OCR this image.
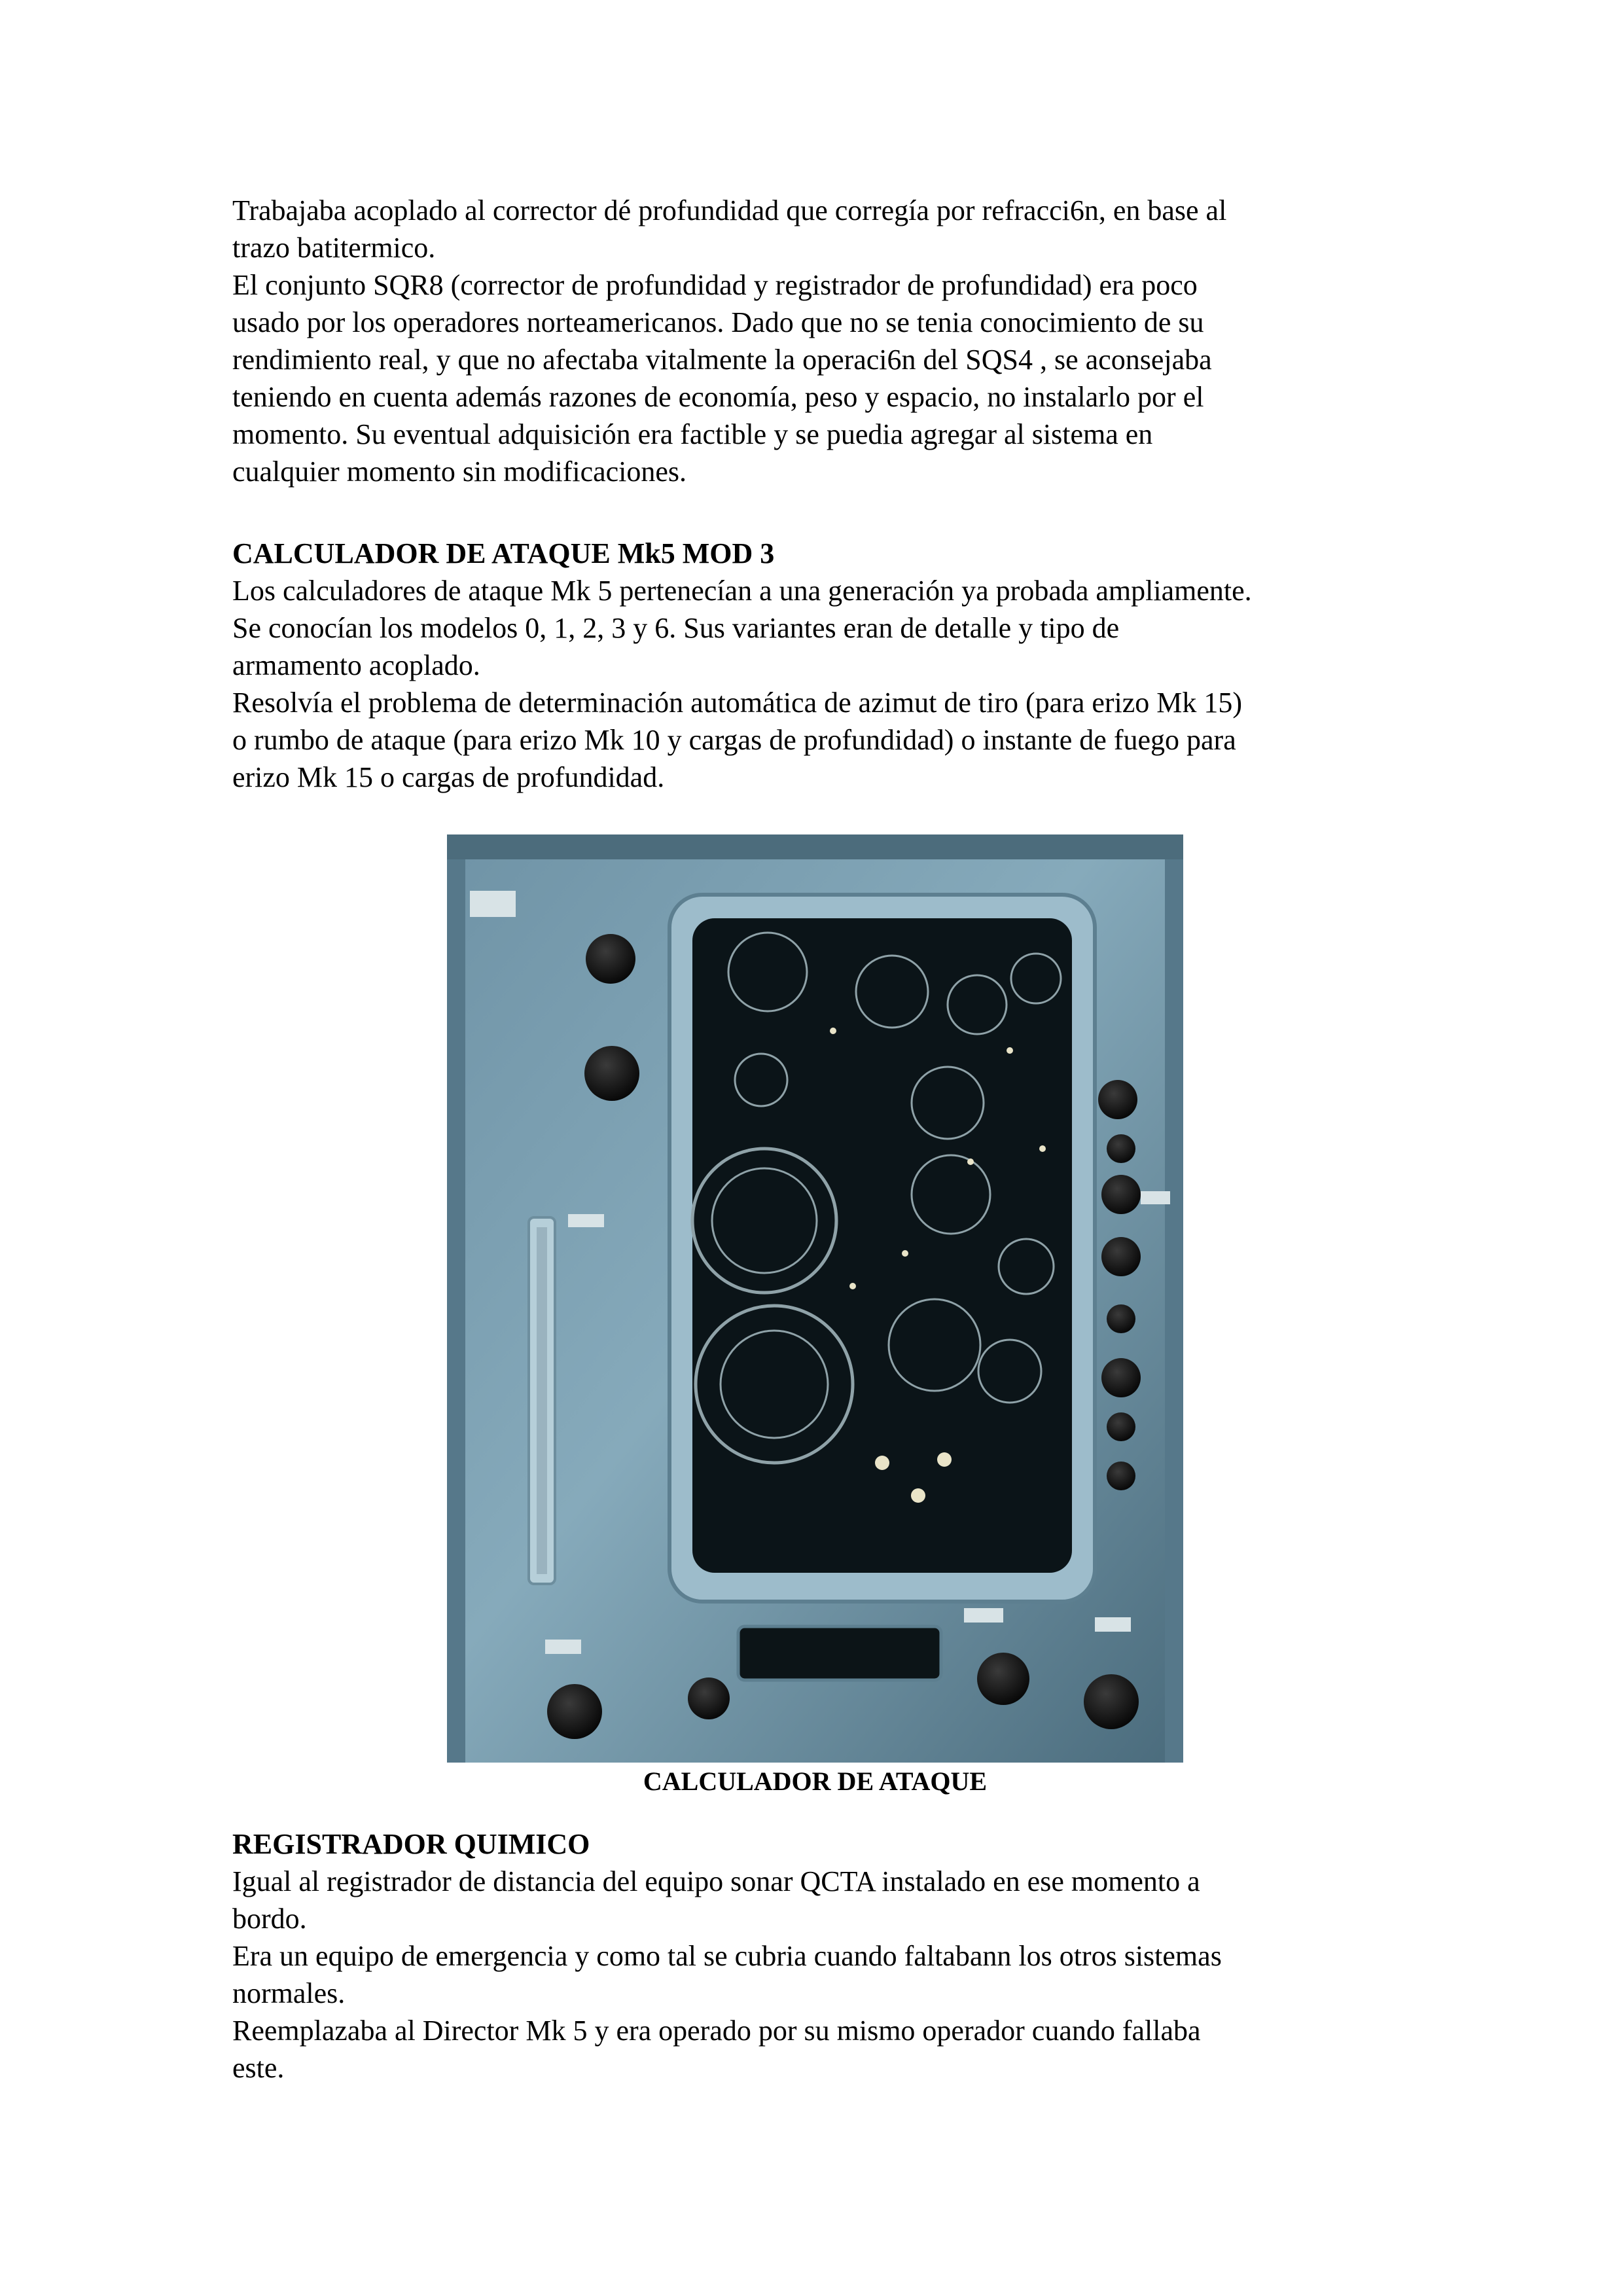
Trabajaba acoplado al corrector dé profundidad que corregía por refracci6n, en base al

trazo batitermico.

El conjunto SQR8 (corrector de profundidad y registrador de profundidad) era poco

usado por los operadores norteamericanos. Dado que no se tenia conocimiento de su

rendimiento real, y que no afectaba vitalmente la operaci6n del SQS4 , se aconsejaba

teniendo en cuenta además razones de economía, peso y espacio, no instalarlo por el

momento. Su eventual adquisición era factible y se puedia agregar al sistema en

cualquier momento sin modificaciones.

CALCULADOR DE ATAQUE Mk5 MOD 3

Los calculadores de ataque Mk 5 pertenecían a una generación ya probada ampliamente.

Se conocían los modelos 0, 1, 2, 3 y 6. Sus variantes eran de detalle y tipo de

armamento acoplado.

Resolvía el problema de determinación automática de azimut de tiro (para erizo Mk 15)

o rumbo de ataque (para erizo Mk 10 y cargas de profundidad) o instante de fuego para

erizo Mk 15 o cargas de profundidad.

CALCULADOR DE ATAQUE

REGISTRADOR QUIMICO

Igual al registrador de distancia del equipo sonar QCTA instalado en ese momento a

bordo.

Era un equipo de emergencia y como tal se cubria cuando faltabann los otros sistemas

normales.

Reemplazaba al Director Mk 5 y era operado por su mismo operador cuando fallaba

este.
